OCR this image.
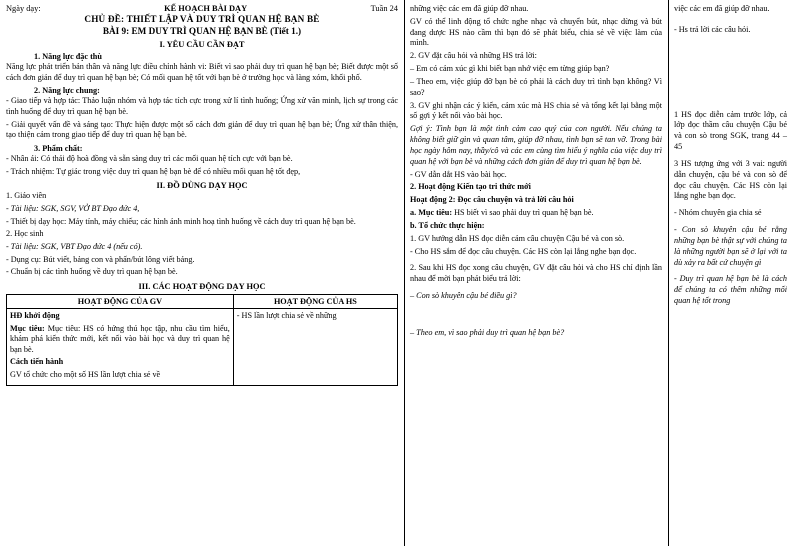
Ngày dạy:	KẾ HOẠCH BÀI DẠY	Tuần 24
CHỦ ĐỀ: THIẾT LẬP VÀ DUY TRÌ QUAN HỆ BẠN BÈ
BÀI 9: EM DUY TRÌ QUAN HỆ BẠN BÈ (Tiết 1.)
I. YÊU CẦU CẦN ĐẠT
1. Năng lực đặc thù

Năng lực phát triển bản thân và năng lực điều chỉnh hành vi: Biết vì sao phải duy trì quan hệ bạn bè; Biết được một số cách đơn giản để duy trì quan hệ bạn bè; Có mối quan hệ tốt với bạn bè ở trường học và làng xóm, khối phố.

2. Năng lực chung:

- Giao tiếp và hợp tác: Thảo luận nhóm và hợp tác tích cực trong xử lí tình huống; Ứng xử văn minh, lịch sự trong các tình huống để duy trì quan hệ bạn bè.

- Giải quyết vấn đề và sáng tạo: Thực hiện được một số cách đơn giản để duy trì quan hệ bạn bè; Ứng xử thân thiện, tạo thiện cảm trong giao tiếp để duy trì quan hệ bạn bè.

3. Phẩm chất:

- Nhân ái: Có thái độ hoà đồng và sẵn sàng duy trì các mối quan hệ tích cực với bạn bè.

- Trách nhiệm: Tự giác trong việc duy trì quan hệ bạn bè để có nhiều mối quan hệ tốt đẹp,

II. ĐỒ DÙNG DẠY HỌC

1. Giáo viên

- Tài liệu: SGK, SGV, VỞ BT Đạo đức 4,

- Thiết bị dạy học: Máy tính, máy chiếu; các hình ảnh minh hoạ tình huống về cách duy trì quan hệ bạn bè.

2. Học sinh

- Tài liệu: SGK, VBT Đạo đức 4 (nếu có).

- Dụng cụ: Bút viết, bảng con và phấn/bút lông viết bảng.

- Chuẩn bị các tình huống về duy trì quan hệ bạn bè.

III. CÁC HOẠT ĐỘNG DẠY HỌC
HOẠT ĐỘNG CỦA GV	HOẠT ĐỘNG CỦA HS

HĐ khởi động

Mục tiêu: Mục tiêu: HS có hứng thú học tập, nhu cầu tìm hiểu, khám phá kiến thức mới, kết nối vào bài học và duy trì quan hệ bạn bè.

Cách tiến hành

GV tổ chức cho một số HS lần lượt chia sẻ về	- HS lần lượt chia sẻ về những

những việc các em đã giúp đỡ nhau.

GV có thể linh động tổ chức nghe nhạc và chuyển bút, nhạc dừng và bút đang dược HS nào cầm thì bạn đó sẽ phát biểu, chia sẻ về việc làm của mình.

2. GV đặt câu hỏi và những HS trả lời:

– Em có cảm xúc gì khi biết bạn nhớ việc em từng giúp bạn?

– Theo em, việc giúp đỡ bạn bè có phải là cách duy trì tình bạn không? Vì sao?

3. GV ghi nhận các ý kiến, cảm xúc mà HS chia sẻ và tổng kết lại bằng một số gợi ý kết nối vào bài học.

Gợi ý: Tình bạn là một tình cảm cao quý của con người. Nếu chúng ta không biết giữ gìn và quan tâm, giúp đỡ nhau, tình bạn sẽ tan vỡ. Trong bài học ngày hôm nay, thầy/cô và các em cùng tìm hiểu ý nghĩa của việc duy trì quan hệ với bạn bè và những cách đơn giản để duy trì quan hệ bạn bè.

- GV dẫn dắt HS vào bài học.

2. Hoạt động Kiến tạo tri thức mới

Hoạt động 2: Đọc câu chuyện và trả lời câu hỏi

a. Mục tiêu: HS biết vì sao phải duy trì quan hệ bạn bè.

b. Tổ chức thực hiện:

1. GV hướng dẫn HS đọc diễn cảm câu chuyện Cậu bé và con sò.

- Cho HS sắm để đọc câu chuyện. Các HS còn lại lắng nghe bạn đọc.

2. Sau khi HS đọc xong câu chuyện, GV đặt câu hỏi và cho HS chỉ định lần nhau để mời bạn phát biểu trả lời:

– Con sò khuyên cậu bé điều gì?

– Theo em, vì sao phải duy trì quan hệ bạn bè?

việc các em đã giúp đỡ nhau.

- Hs trả lời các câu hỏi.

1 HS đọc diễn cảm trước lớp, cả lớp đọc thầm câu chuyện Cậu bé và con sò trong SGK, trang 44 – 45

3 HS tượng ứng với 3 vai: người dẫn chuyện, cậu bé và con sò để đọc câu chuyện. Các HS còn lại lắng nghe bạn đọc.

- Nhóm chuyên gia chia sẻ

- Con sò khuyên cậu bé rằng những bạn bè thật sự với chúng ta là những người bạn sẽ ở lại với ta dù xảy ra bất cứ chuyện gì

- Duy trì quan hệ bạn bè là cách để chúng ta có thêm những mối quan hệ tốt trong
